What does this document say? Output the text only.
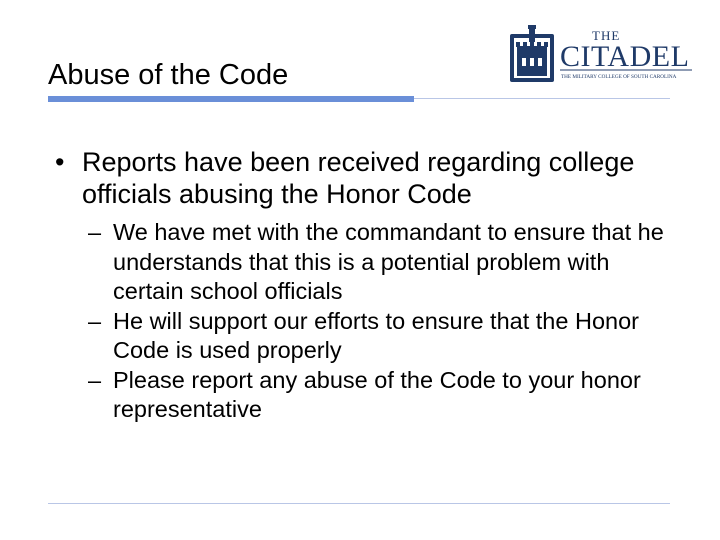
Abuse of the Code
THE
CITADEL
THE MILITARY COLLEGE OF SOUTH CAROLINA
• Reports have been received regarding college officials abusing the Honor Code
– We have met with the commandant to ensure that he understands that this is a potential problem with certain school officials
– He will support our efforts to ensure that the Honor Code is used properly
– Please report any abuse of the Code to your honor representative
